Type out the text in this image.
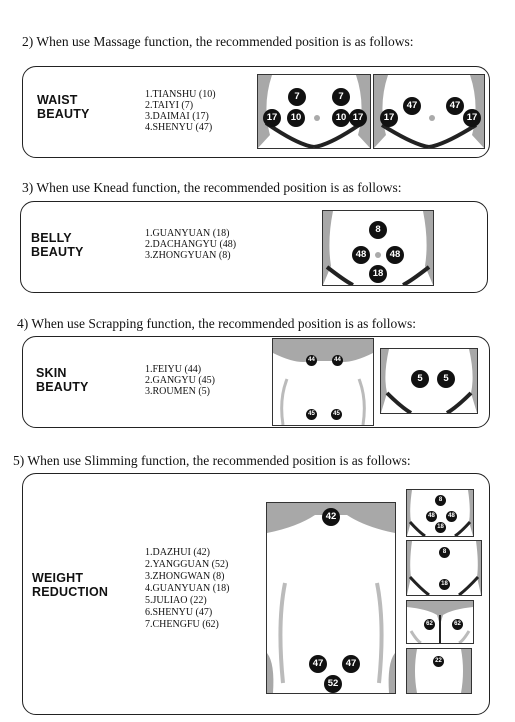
2) When use Massage function, the recommended position is as follows:
WAIST
BEAUTY
1.TIANSHU (10)
2.TAIYI (7)
3.DAIMAI (17)
4.SHENYU (47)
7	7
17	10	10 17
47	47
17	17
3) When use Knead function, the recommended position is as follows:
BELLY
BEAUTY
1.GUANYUAN (18)
2.DACHANGYU (48)
3.ZHONGYUAN (8)
8
48	48
18
4) When use Scrapping function, the recommended position is as follows:
SKIN
BEAUTY
1.FEIYU (44)
2.GANGYU (45)
3.ROUMEN (5)
44	44
45	45
5	5
5) When use Slimming function, the recommended position is as follows:
WEIGHT
REDUCTION
1.DAZHUI (42)
2.YANGGUAN (52)
3.ZHONGWAN (8)
4.GUANYUAN (18)
5.JULIAO (22)
6.SHENYU (47)
7.CHENGFU (62)
42
47	47
52
8
48	48
18
8
18
62	62
22
